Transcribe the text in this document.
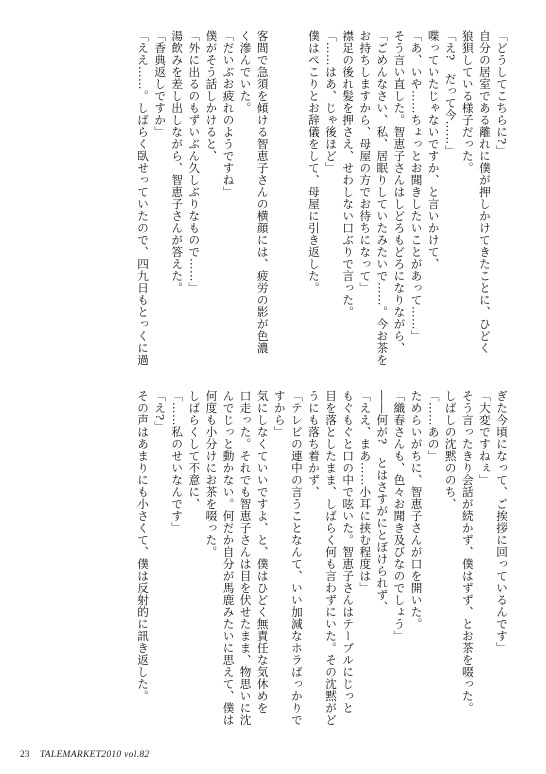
「どうしてこちらに?」

自分の居室である離れに僕が押しかけてきたことに、ひどく

狼狽している様子だった。

「え?　だって今……」

喋っていたじゃないですか、と言いかけて、

「あ、いや……ちょっとお聞きしたいことがあって……」

そう言い直した。智恵子さんはしどろもどろになりながら、

「ごめんなさい、私、居眠りしていたみたいで……。今お茶を

お持ちしますから、母屋の方でお待ちになって」

襟足の後れ髪を押さえ、せわしない口ぶりで言った。

「……はあ、じゃ後ほど」

僕はぺこりとお辞儀をして、母屋に引き返した。

客間で急須を傾ける智恵子さんの横顔には、疲労の影が色濃

く滲んでいた。

「だいぶお疲れのようですね」

僕がそう話しかけると、

「外に出るのもずいぶん久しぶりなもので……」

湯飲みを差し出しながら、智恵子さんが答えた。

「香典返しですか」

「ええ……。しばらく臥せっていたので、四九日もとっくに過

ぎた今頃になって、ご挨拶に回っているんです」

「大変ですねぇ」

そう言ったきり会話が続かず、僕はずず、とお茶を啜った。

しばしの沈黙ののち、

「……あの」

ためらいがちに、智恵子さんが口を開いた。

「織春さんも、色々お聞き及びなのでしょう」

――何が?　とはさすがにとぼけられず、

「ええ、まあ……小耳に挟む程度は」

もぐもぐと口の中で呟いた。智恵子さんはテーブルにじっと

目を落としたまま、しばらく何も言わずにいた。その沈黙がど

うにも落ち着かず、

「テレビの連中の言うことなんて、いい加減なホラばっかりで

すから」

気にしなくていいですよ、と、僕はひどく無責任な気休めを

口走った。それでも智恵子さんは目を伏せたまま、物思いに沈

んでじっと動かない。何だか自分が馬鹿みたいに思えて、僕は

何度も小分けにお茶を啜った。

しばらくして不意に、

「……私のせいなんです」

「え?」

その声はあまりにも小さくて、僕は反射的に訊き返した。

23 TALEMARKET2010 vol.82
